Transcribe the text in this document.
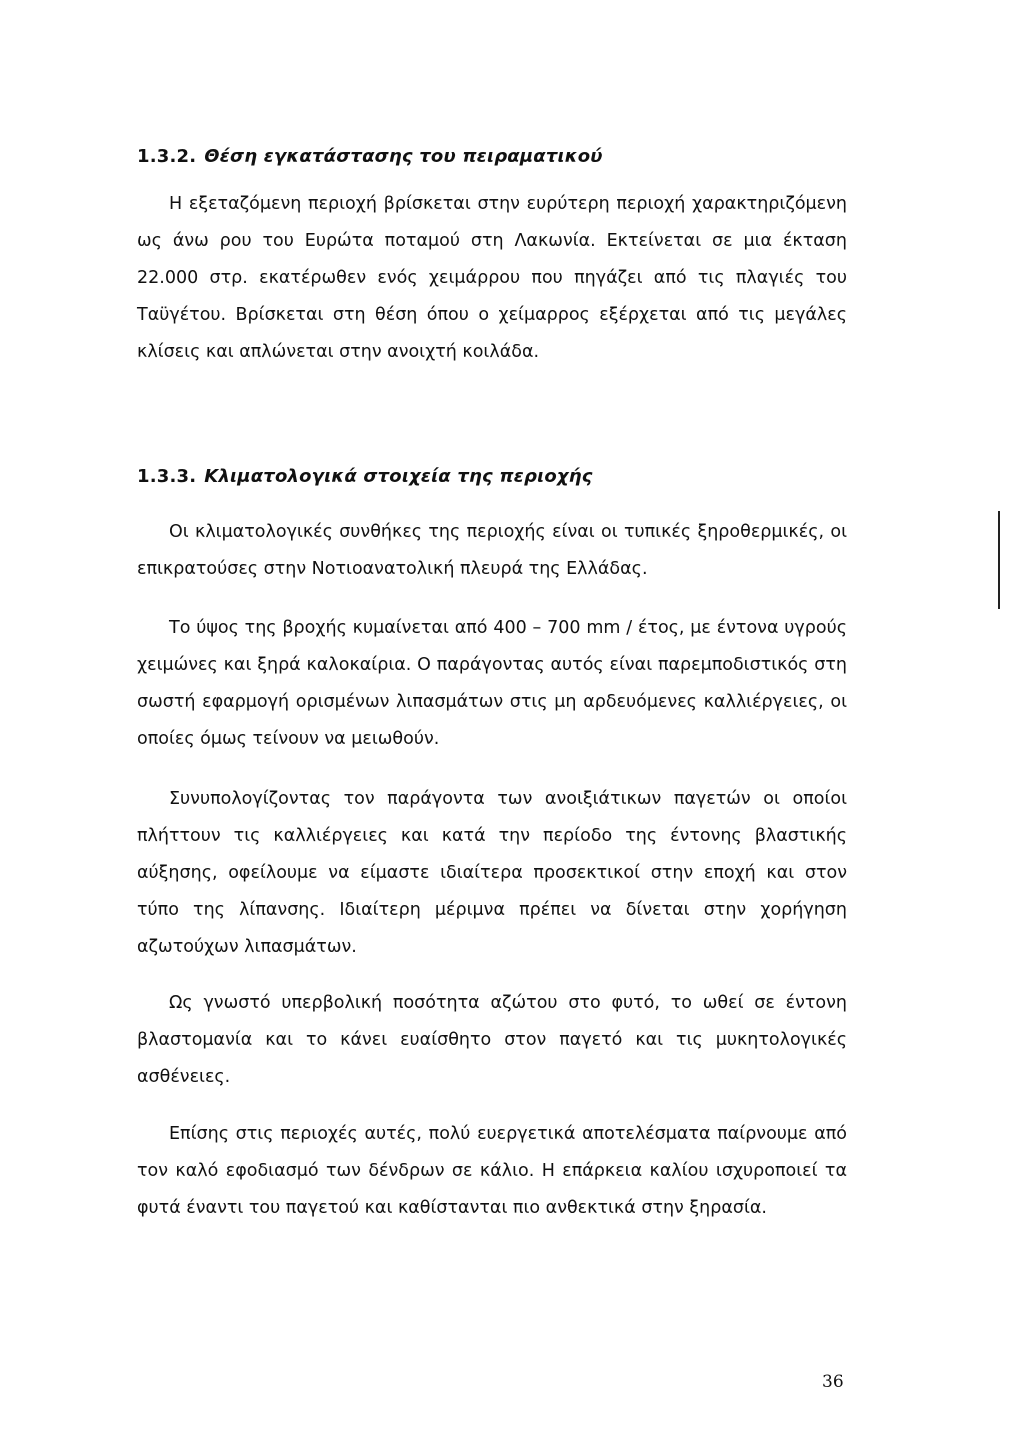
1.3.2. Θέση εγκατάστασης του πειραματικού

Η εξεταζόμενη περιοχή βρίσκεται στην ευρύτερη περιοχή χαρακτηριζόμενη ως άνω ρου του Ευρώτα ποταμού στη Λακωνία. Εκτείνεται σε μια έκταση 22.000 στρ. εκατέρωθεν ενός χειμάρρου που πηγάζει από τις πλαγιές του Ταϋγέτου. Βρίσκεται στη θέση όπου ο χείμαρρος εξέρχεται από τις μεγάλες κλίσεις και απλώνεται στην ανοιχτή κοιλάδα.

1.3.3. Κλιματολογικά στοιχεία της περιοχής

Οι κλιματολογικές συνθήκες της περιοχής είναι οι τυπικές ξηροθερμικές, οι επικρατούσες στην Νοτιοανατολική πλευρά της Ελλάδας.

Το ύψος της βροχής κυμαίνεται από 400 – 700 mm / έτος, με έντονα υγρούς χειμώνες και ξηρά καλοκαίρια. Ο παράγοντας αυτός είναι παρεμποδιστικός στη σωστή εφαρμογή ορισμένων λιπασμάτων στις μη αρδευόμενες καλλιέργειες, οι οποίες όμως τείνουν να μειωθούν.

Συνυπολογίζοντας τον παράγοντα των ανοιξιάτικων παγετών οι οποίοι πλήττουν τις καλλιέργειες και κατά την περίοδο της έντονης βλαστικής αύξησης, οφείλουμε να είμαστε ιδιαίτερα προσεκτικοί στην εποχή και στον τύπο της λίπανσης. Ιδιαίτερη μέριμνα πρέπει να δίνεται στην χορήγηση αζωτούχων λιπασμάτων.

Ως γνωστό υπερβολική ποσότητα αζώτου στο φυτό, το ωθεί σε έντονη βλαστομανία και το κάνει ευαίσθητο στον παγετό και τις μυκητολογικές ασθένειες.

Επίσης στις περιοχές αυτές, πολύ ευεργετικά αποτελέσματα παίρνουμε από τον καλό εφοδιασμό των δένδρων σε κάλιο. Η επάρκεια καλίου ισχυροποιεί τα φυτά έναντι του παγετού και καθίστανται πιο ανθεκτικά στην ξηρασία.

36
